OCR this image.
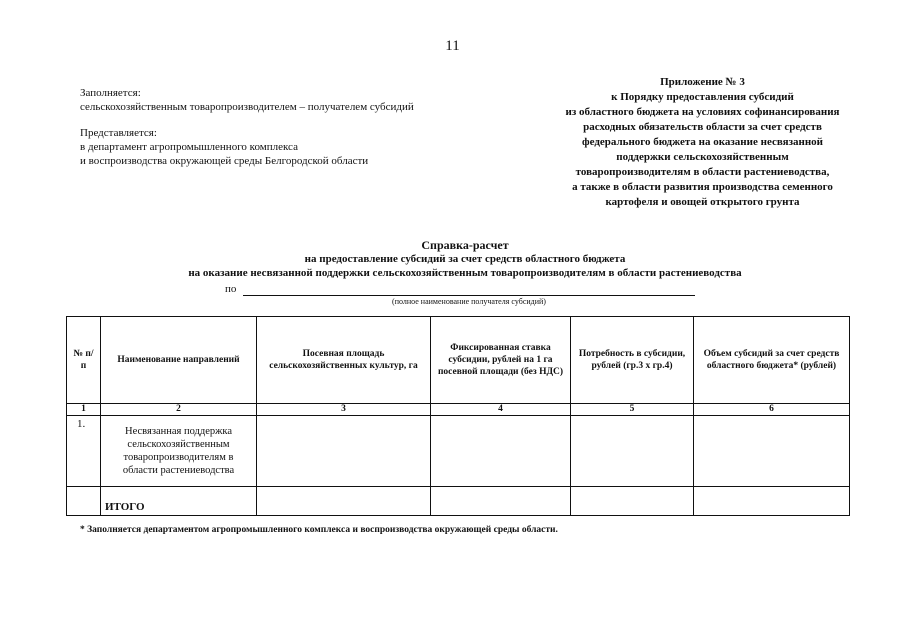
11
Заполняется:
сельскохозяйственным товаропроизводителем – получателем субсидий
Представляется:
в департамент агропромышленного комплекса
и воспроизводства окружающей среды Белгородской области
Приложение № 3
к Порядку предоставления субсидий
из областного бюджета на условиях софинансирования
расходных обязательств области за счет средств
федерального бюджета на оказание несвязанной
поддержки сельскохозяйственным
товаропроизводителям в области растениеводства,
а также в области развития производства семенного
картофеля и овощей открытого грунта
Справка-расчет
на предоставление субсидий за счет средств областного бюджета
на оказание несвязанной поддержки сельскохозяйственным товаропроизводителям в области растениеводства
по
(полное наименование получателя субсидий)
№ п/п	Наименование направлений	Посевная площадь сельскохозяйственных культур, га	Фиксированная ставка субсидии, рублей на 1 га посевной площади (без НДС)	Потребность в субсидии, рублей (гр.3 х гр.4)	Объем субсидий за счет средств областного бюджета* (рублей)
1	2	3	4	5	6
1.	Несвязанная поддержка сельскохозяйственным товаропроизводителям в области растениеводства				
	ИТОГО				
* Заполняется департаментом агропромышленного комплекса и воспроизводства окружающей среды области.
